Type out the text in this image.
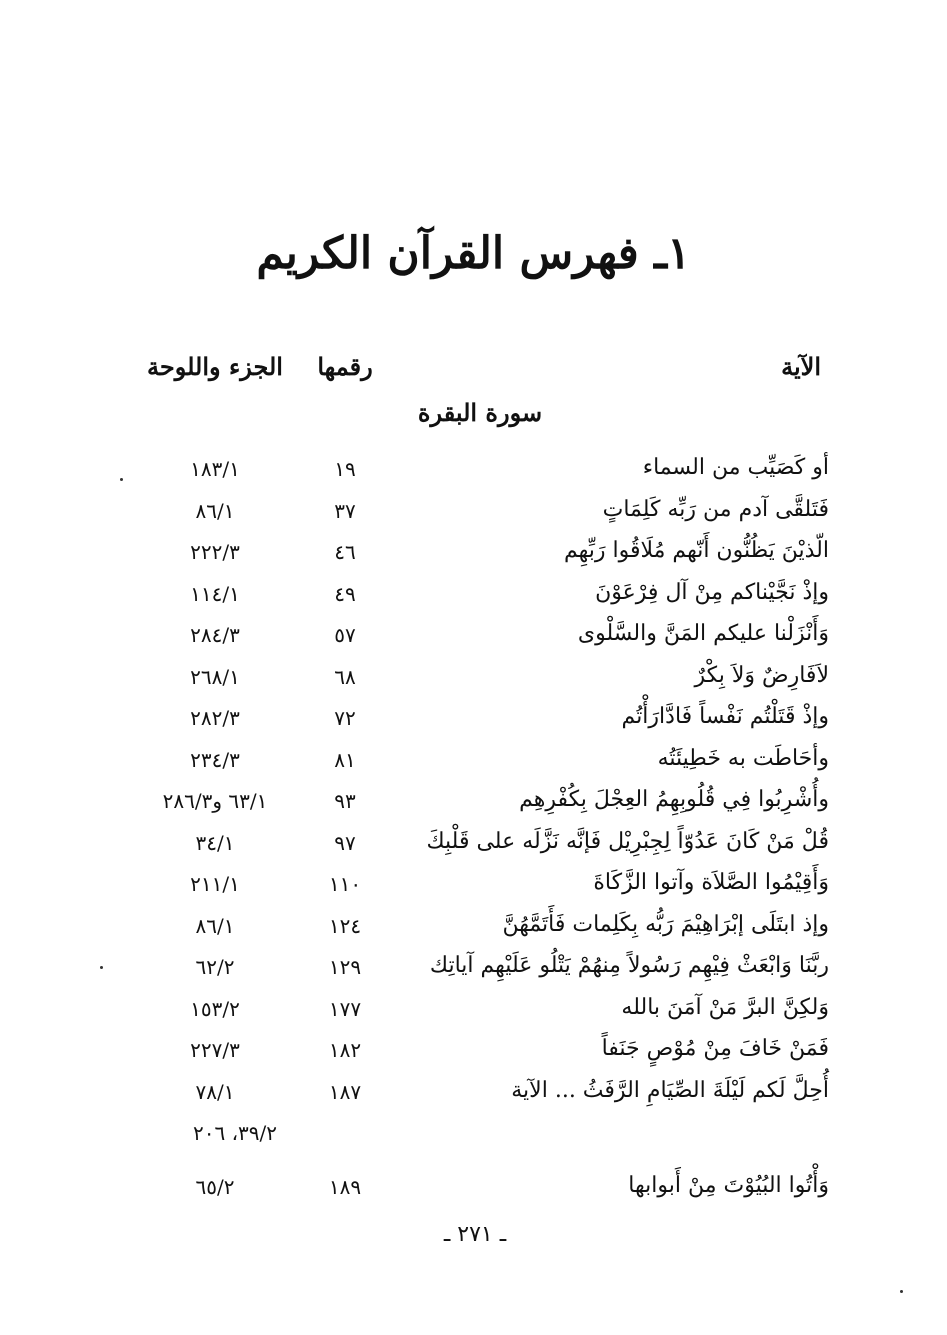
١ـ فهرس القرآن الكريم
الآية
رقمها
الجزء واللوحة
سورة البقرة
أو كَصَيِّب من السماء
١٩
١٨٣/١
فَتَلقَّى آدم من رَبِّه كَلِمَاتٍ
٣٧
٨٦/١
الّذيْنَ يَظُنُّون أَنّهم مُلَاقُوا رَبِّهِم
٤٦
٢٢٢/٣
وإذْ نَجَّيْناكم مِنْ آل فِرْعَوْنَ
٤٩
١١٤/١
وَأَنْزَلْنا عليكم المَنَّ والسَّلْوى
٥٧
٢٨٤/٣
لاَفَارِضٌ وَلاَ بِكْرٌ
٦٨
٢٦٨/١
وإذْ قَتَلْتُم نَفْساً فَادَّارَأْتُم
٧٢
٢٨٢/٣
وأحَاطَت به خَطِيئَتُه
٨١
٢٣٤/٣
وأُشْرِبُوا فِي قُلُوبِهِمُ العِجْلَ بِكُفْرِهِم
٩٣
٦٣/١ و٢٨٦/٣
قُلْ مَنْ كَانَ عَدُوّاً لِجِبْرِيْل فَإنَّه نَزَّلَه على قَلْبِكَ
٩٧
٣٤/١
وَأَقِيْمُوا الصَّلاَة وآتوا الزَّكَاةَ
١١٠
٢١١/١
وإذ ابتَلَى إبْرَاهِيْمَ رَبُّه بِكَلِمات فَأَتَمَّهُنَّ
١٢٤
٨٦/١
ربَّنَا وَابْعَثْ فِيْهِم رَسُولاً مِنهُمْ يَتْلُو عَلَيْهِم آياتِك
١٢٩
٦٢/٢
وَلكِنَّ البرَّ مَنْ آمَنَ بالله
١٧٧
١٥٣/٢
فَمَنْ خَافَ مِنْ مُوْصٍ جَنَفاً
١٨٢
٢٢٧/٣
أُحِلَّ لَكم لَيْلَةَ الصِّيَامِ الرَّفَثُ ... الآية
١٨٧
٧٨/١
٣٩/٢، ٢٠٦
وَأْتُوا البُيُوْتَ مِنْ أَبوابها
١٨٩
٦٥/٢
ـ ٢٧١ ـ
